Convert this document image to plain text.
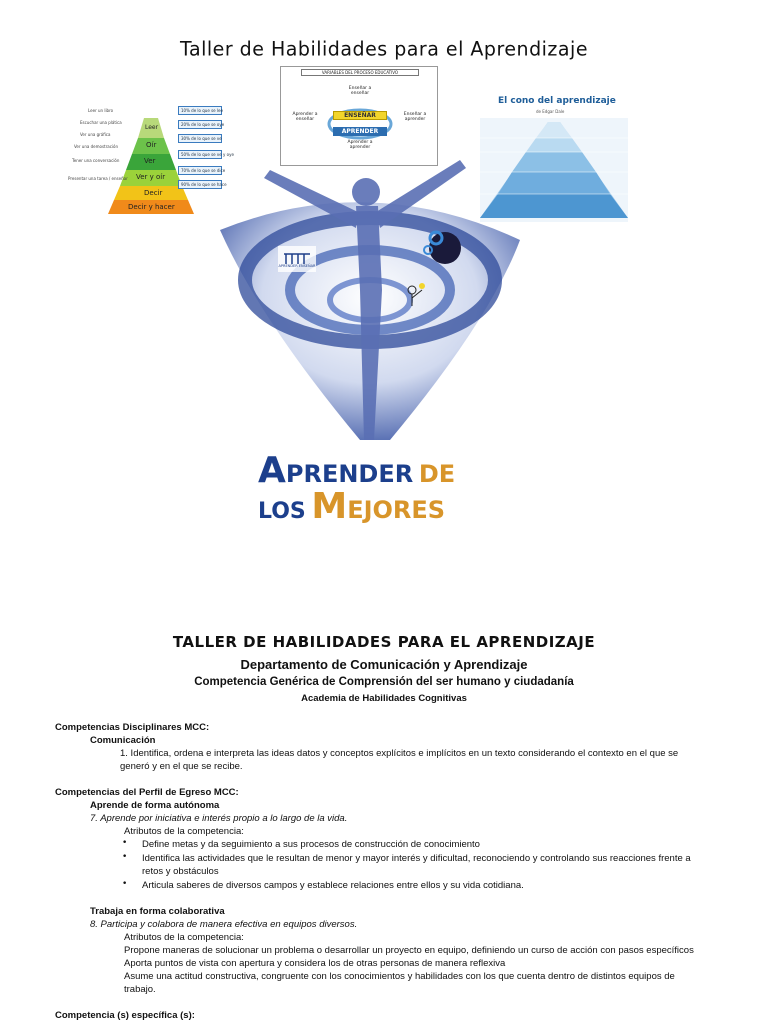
Taller de Habilidades para el Aprendizaje
Leer
Oír
Ver
Ver y oír
Decir
Decir y hacer
Leer un libro
Escuchar una plática
Ver una gráfica
Ver una demostración
Tener una conversación
Presentar una tarea / enseñar
10% de lo que se lee
20% de lo que se oye
30% de lo que se ve
50% de lo que se ve y oye
70% de lo que se dice
90% de lo que se hace
VARIABLES DEL PROCESO EDUCATIVO
Enseñar a enseñar
Aprender a enseñar
Enseñar a aprender
Aprender a aprender
ENSEÑAR
APRENDER
El cono del aprendizaje
de Edgar Dale
APRENDER ENSEÑAR
APRENDER DE
LOS MEJORES
TALLER DE HABILIDADES PARA EL APRENDIZAJE
Departamento de Comunicación y Aprendizaje
Competencia Genérica de Comprensión del ser humano y ciudadanía
Academia de Habilidades Cognitivas
Competencias Disciplinares MCC:
Comunicación
1. Identifica, ordena e interpreta las ideas datos y conceptos explícitos e implícitos en un texto considerando el contexto en el que se
generó y en el que se recibe.
Competencias del Perfil de Egreso MCC:
Aprende de forma autónoma
7. Aprende por iniciativa e interés propio a lo largo de la vida.
Atributos de la competencia:
• Define metas y da seguimiento a sus procesos de construcción de conocimiento
• Identifica las actividades que le resultan de menor y mayor interés y dificultad, reconociendo y controlando sus reacciones frente a
retos y obstáculos
• Articula saberes de diversos campos y establece relaciones entre ellos y su vida cotidiana.
Trabaja en forma colaborativa
8. Participa y colabora de manera efectiva en equipos diversos.
Atributos de la competencia:
Propone maneras de solucionar un problema o desarrollar un proyecto en equipo, definiendo un curso de acción con pasos específicos
Aporta puntos de vista con apertura y considera los de otras personas de manera reflexiva
Asume una actitud constructiva, congruente con los conocimientos y habilidades con los que cuenta dentro de distintos equipos de
trabajo.
Competencia (s) específica (s):
